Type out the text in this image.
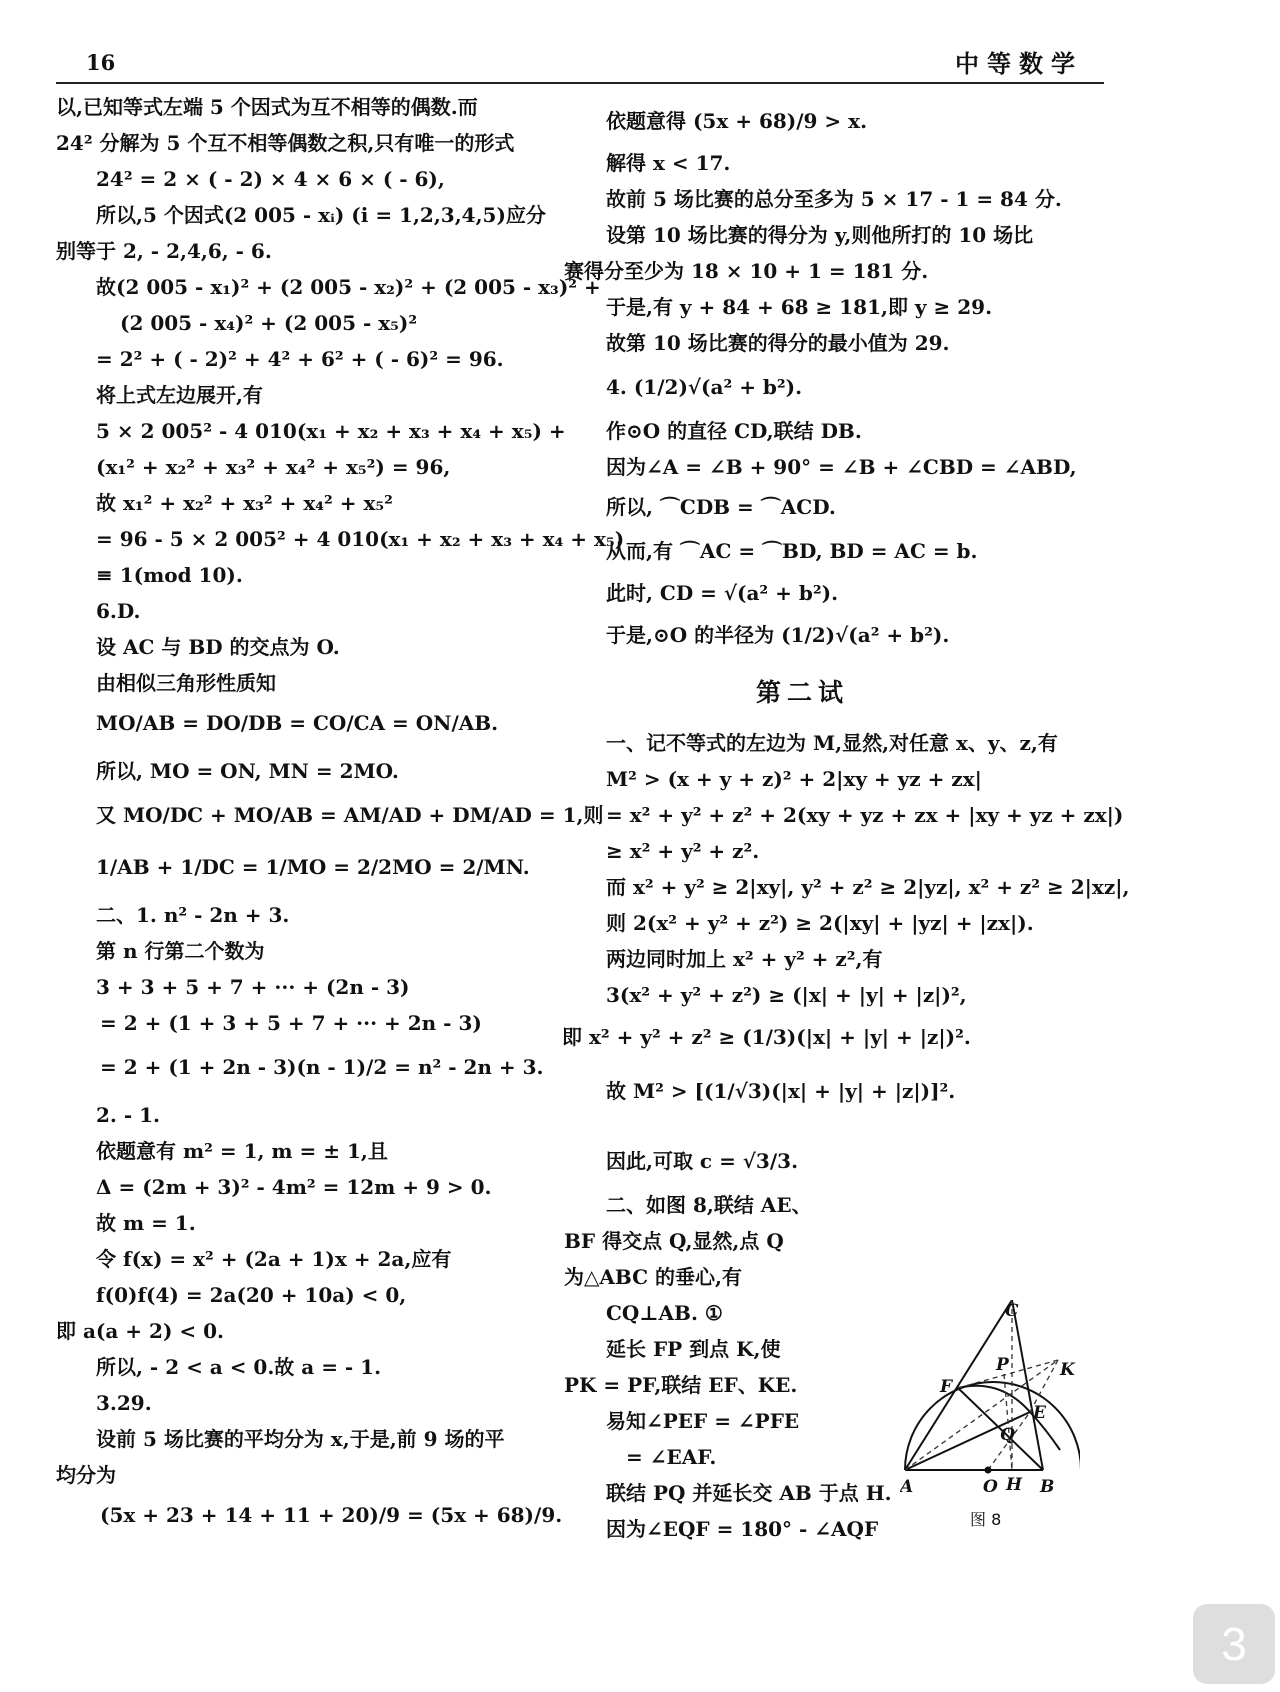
16	中等数学
以,已知等式左端 5 个因式为互不相等的偶数.而
24² 分解为 5 个互不相等偶数之积,只有唯一的形式
24² = 2 × ( - 2) × 4 × 6 × ( - 6),
所以,5 个因式(2 005 - xᵢ) (i = 1,2,3,4,5)应分
别等于 2, - 2,4,6, - 6.
故(2 005 - x₁)² + (2 005 - x₂)² + (2 005 - x₃)² +
(2 005 - x₄)² + (2 005 - x₅)²
= 2² + ( - 2)² + 4² + 6² + ( - 6)² = 96.
将上式左边展开,有
5 × 2 005² - 4 010(x₁ + x₂ + x₃ + x₄ + x₅) +
(x₁² + x₂² + x₃² + x₄² + x₅²) = 96,
故 x₁² + x₂² + x₃² + x₄² + x₅²
= 96 - 5 × 2 005² + 4 010(x₁ + x₂ + x₃ + x₄ + x₅)
≡ 1(mod 10).
6.D.
设 AC 与 BD 的交点为 O.
由相似三角形性质知
MO/AB = DO/DB = CO/CA = ON/AB.
所以, MO = ON, MN = 2MO.
又 MO/DC + MO/AB = AM/AD + DM/AD = 1,则
1/AB + 1/DC = 1/MO = 2/2MO = 2/MN.
二、1. n² - 2n + 3.
第 n 行第二个数为
3 + 3 + 5 + 7 + ··· + (2n - 3)
= 2 + (1 + 3 + 5 + 7 + ··· + 2n - 3)
= 2 + (1 + 2n - 3)(n - 1)/2 = n² - 2n + 3.
2. - 1.
依题意有 m² = 1, m = ± 1,且
Δ = (2m + 3)² - 4m² = 12m + 9 > 0.
故 m = 1.
令 f(x) = x² + (2a + 1)x + 2a,应有
f(0)f(4) = 2a(20 + 10a) < 0,
即 a(a + 2) < 0.
所以, - 2 < a < 0.故 a = - 1.
3.29.
设前 5 场比赛的平均分为 x,于是,前 9 场的平
均分为
(5x + 23 + 14 + 11 + 20)/9 = (5x + 68)/9.
依题意得 (5x + 68)/9 > x.
解得 x < 17.
故前 5 场比赛的总分至多为 5 × 17 - 1 = 84 分.
设第 10 场比赛的得分为 y,则他所打的 10 场比
赛得分至少为 18 × 10 + 1 = 181 分.
于是,有 y + 84 + 68 ≥ 181,即 y ≥ 29.
故第 10 场比赛的得分的最小值为 29.
4. (1/2)√(a² + b²).
作⊙O 的直径 CD,联结 DB.
因为∠A = ∠B + 90° = ∠B + ∠CBD = ∠ABD,
所以, ⌒CDB = ⌒ACD.
从而,有 ⌒AC = ⌒BD, BD = AC = b.
此时, CD = √(a² + b²).
于是,⊙O 的半径为 (1/2)√(a² + b²).
第二试
一、记不等式的左边为 M,显然,对任意 x、y、z,有
M² > (x + y + z)² + 2|xy + yz + zx|
= x² + y² + z² + 2(xy + yz + zx + |xy + yz + zx|)
≥ x² + y² + z².
而 x² + y² ≥ 2|xy|, y² + z² ≥ 2|yz|, x² + z² ≥ 2|xz|,
则 2(x² + y² + z²) ≥ 2(|xy| + |yz| + |zx|).
两边同时加上 x² + y² + z²,有
3(x² + y² + z²) ≥ (|x| + |y| + |z|)²,
即 x² + y² + z² ≥ (1/3)(|x| + |y| + |z|)².
故 M² > [(1/√3)(|x| + |y| + |z|)]².
因此,可取 c = √3/3.
二、如图 8,联结 AE、
BF 得交点 Q,显然,点 Q
为△ABC 的垂心,有
CQ⊥AB. ①
延长 FP 到点 K,使
PK = PF,联结 EF、KE.
易知∠PEF = ∠PFE
= ∠EAF.
联结 PQ 并延长交 AB 于点 H.
因为∠EQF = 180° - ∠AQF
C
K
P
F
E
Q
A	O H B
图 8
3
